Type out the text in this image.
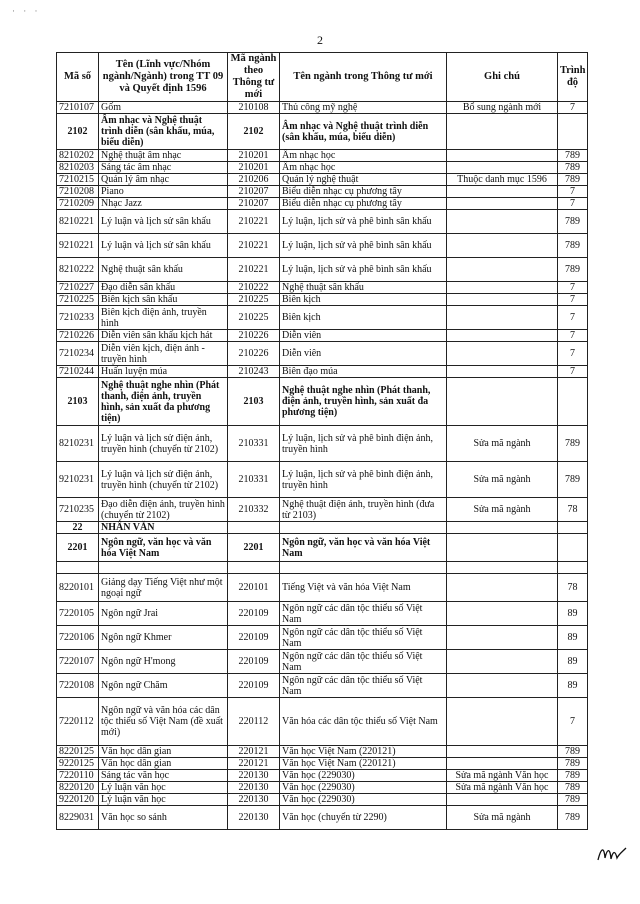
· · ·
2
Mã số	Tên (Lĩnh vực/Nhóm ngành/Ngành) trong TT 09 và Quyết định 1596	Mã ngành theo Thông tư mới	Tên ngành trong Thông tư mới	Ghi chú	Trình độ
7210107	Gốm	210108	Thủ công mỹ nghệ	Bổ sung ngành mới	7
2102	Âm nhạc và Nghệ thuật trình diễn (sân khấu, múa, biểu diễn)	2102	Âm nhạc và Nghệ thuật trình diễn (sân khấu, múa, biểu diễn)		
8210202	Nghệ thuật âm nhạc	210201	Âm nhạc học		789
8210203	Sáng tác âm nhạc	210201	Âm nhạc học		789
7210215	Quản lý âm nhạc	210206	Quản lý nghệ thuật	Thuộc danh mục 1596	789
7210208	Piano	210207	Biểu diễn nhạc cụ phương tây		7
7210209	Nhạc Jazz	210207	Biểu diễn nhạc cụ phương tây		7
8210221	Lý luận và lịch sử sân khấu	210221	Lý luận, lịch sử và phê bình sân khấu		789
9210221	Lý luận và lịch sử sân khấu	210221	Lý luận, lịch sử và phê bình sân khấu		789
8210222	Nghệ thuật sân khấu	210221	Lý luận, lịch sử và phê bình sân khấu		789
7210227	Đạo diễn sân khấu	210222	Nghệ thuật sân khấu		7
7210225	Biên kịch sân khấu	210225	Biên kịch		7
7210233	Biên kịch điện ảnh, truyền hình	210225	Biên kịch		7
7210226	Diễn viên sân khấu kịch hát	210226	Diễn viên		7
7210234	Diễn viên kịch, điện ảnh - truyền hình	210226	Diễn viên		7
7210244	Huấn luyện múa	210243	Biên đạo múa		7
2103	Nghệ thuật nghe nhìn (Phát thanh, điện ảnh, truyền hình, sản xuất đa phương tiện)	2103	Nghệ thuật nghe nhìn (Phát thanh, điện ảnh, truyền hình, sản xuất đa phương tiện)		
8210231	Lý luận và lịch sử điện ảnh, truyền hình (chuyển từ 2102)	210331	Lý luận, lịch sử và phê bình điện ảnh, truyền hình	Sửa mã ngành	789
9210231	Lý luận và lịch sử điện ảnh, truyền hình (chuyển từ 2102)	210331	Lý luận, lịch sử và phê bình điện ảnh, truyền hình	Sửa mã ngành	789
7210235	Đạo diễn điện ảnh, truyền hình (chuyển từ 2102)	210332	Nghệ thuật điện ảnh, truyền hình (đưa từ 2103)	Sửa mã ngành	78
22	NHÂN VĂN				
2201	Ngôn ngữ, văn học và văn hóa Việt Nam	2201	Ngôn ngữ, văn học và văn hóa Việt Nam		

8220101	Giảng dạy Tiếng Việt như một ngoại ngữ	220101	Tiếng Việt và văn hóa Việt Nam		78
7220105	Ngôn ngữ Jrai	220109	Ngôn ngữ các dân tộc thiểu số Việt Nam		89
7220106	Ngôn ngữ Khmer	220109	Ngôn ngữ các dân tộc thiểu số Việt Nam		89
7220107	Ngôn ngữ H'mong	220109	Ngôn ngữ các dân tộc thiểu số Việt Nam		89
7220108	Ngôn ngữ Chăm	220109	Ngôn ngữ các dân tộc thiểu số Việt Nam		89
7220112	Ngôn ngữ và văn hóa các dân tộc thiểu số Việt Nam (đề xuất mới)	220112	Văn hóa các dân tộc thiểu số Việt Nam		7
8220125	Văn học dân gian	220121	Văn học Việt Nam (220121)		789
9220125	Văn học dân gian	220121	Văn học Việt Nam (220121)		789
7220110	Sáng tác văn học	220130	Văn học (229030)	Sửa mã ngành Văn học	789
8220120	Lý luận văn học	220130	Văn học (229030)	Sửa mã ngành Văn học	789
9220120	Lý luận văn học	220130	Văn học (229030)		789
8229031	Văn học so sánh	220130	Văn học (chuyển từ 2290)	Sửa mã ngành	789
